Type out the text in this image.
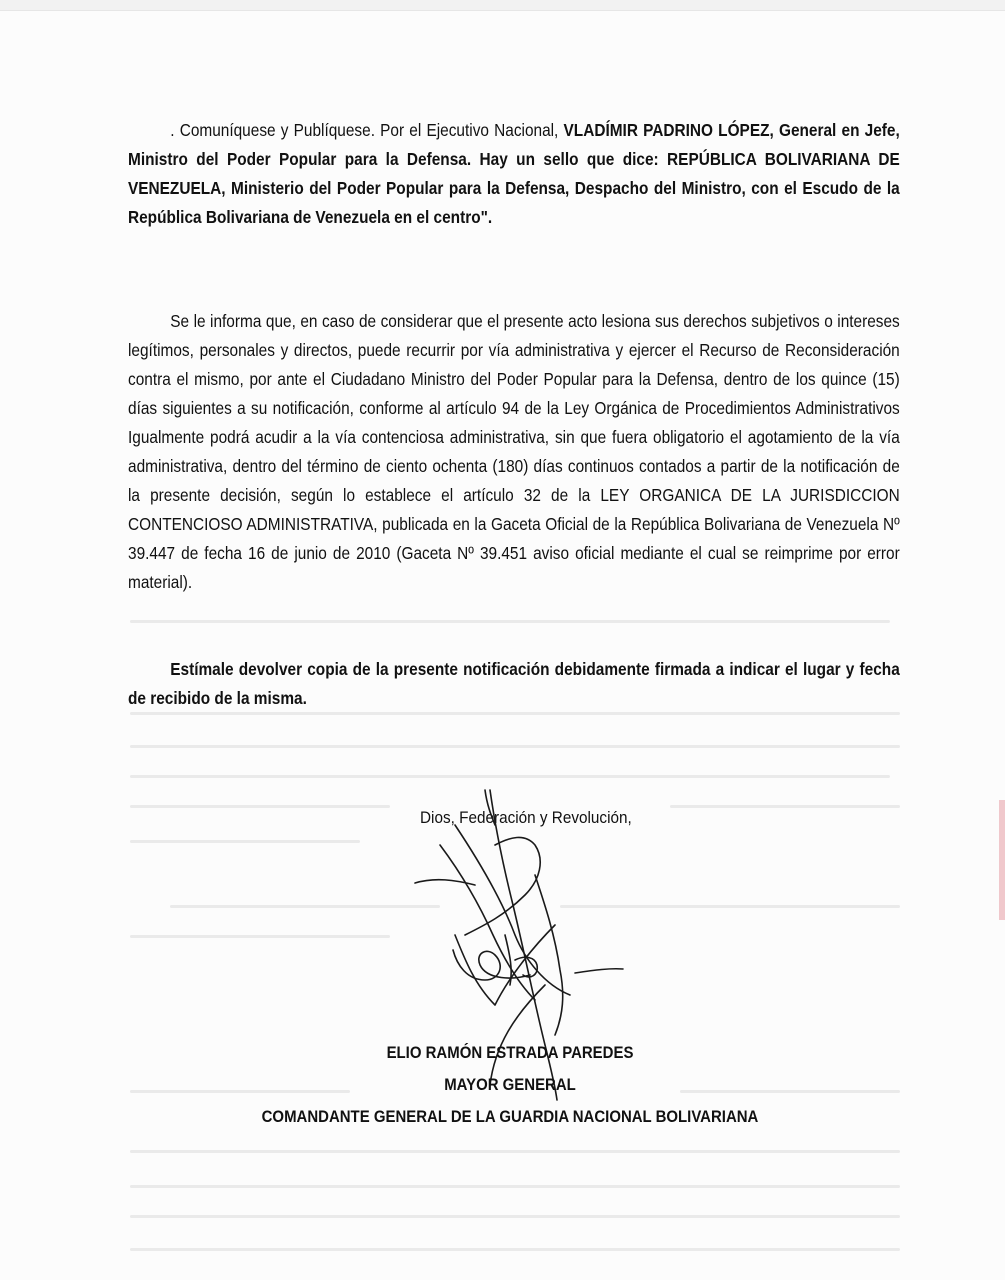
. Comuníquese y Publíquese. Por el Ejecutivo Nacional, VLADÍMIR PADRINO LÓPEZ, General en Jefe, Ministro del Poder Popular para la Defensa. Hay un sello que dice: REPÚBLICA BOLIVARIANA DE VENEZUELA, Ministerio del Poder Popular para la Defensa, Despacho del Ministro, con el Escudo de la República Bolivariana de Venezuela en el centro".
Se le informa que, en caso de considerar que el presente acto lesiona sus derechos subjetivos o intereses legítimos, personales y directos, puede recurrir por vía administrativa y ejercer el Recurso de Reconsideración contra el mismo, por ante el Ciudadano Ministro del Poder Popular para la Defensa, dentro de los quince (15) días siguientes a su notificación, conforme al artículo 94 de la Ley Orgánica de Procedimientos Administrativos Igualmente podrá acudir a la vía contenciosa administrativa, sin que fuera obligatorio el agotamiento de la vía administrativa, dentro del término de ciento ochenta (180) días continuos contados a partir de la notificación de la presente decisión, según lo establece el artículo 32 de la LEY ORGANICA DE LA JURISDICCION CONTENCIOSO ADMINISTRATIVA, publicada en la Gaceta Oficial de la República Bolivariana de Venezuela Nº 39.447 de fecha 16 de junio de 2010 (Gaceta Nº 39.451 aviso oficial mediante el cual se reimprime por error material).
Estímale devolver copia de la presente notificación debidamente firmada a indicar el lugar y fecha de recibido de la misma.
Dios, Federación y Revolución,
ELIO RAMÓN ESTRADA PAREDES
MAYOR GENERAL
COMANDANTE GENERAL DE LA GUARDIA NACIONAL BOLIVARIANA
